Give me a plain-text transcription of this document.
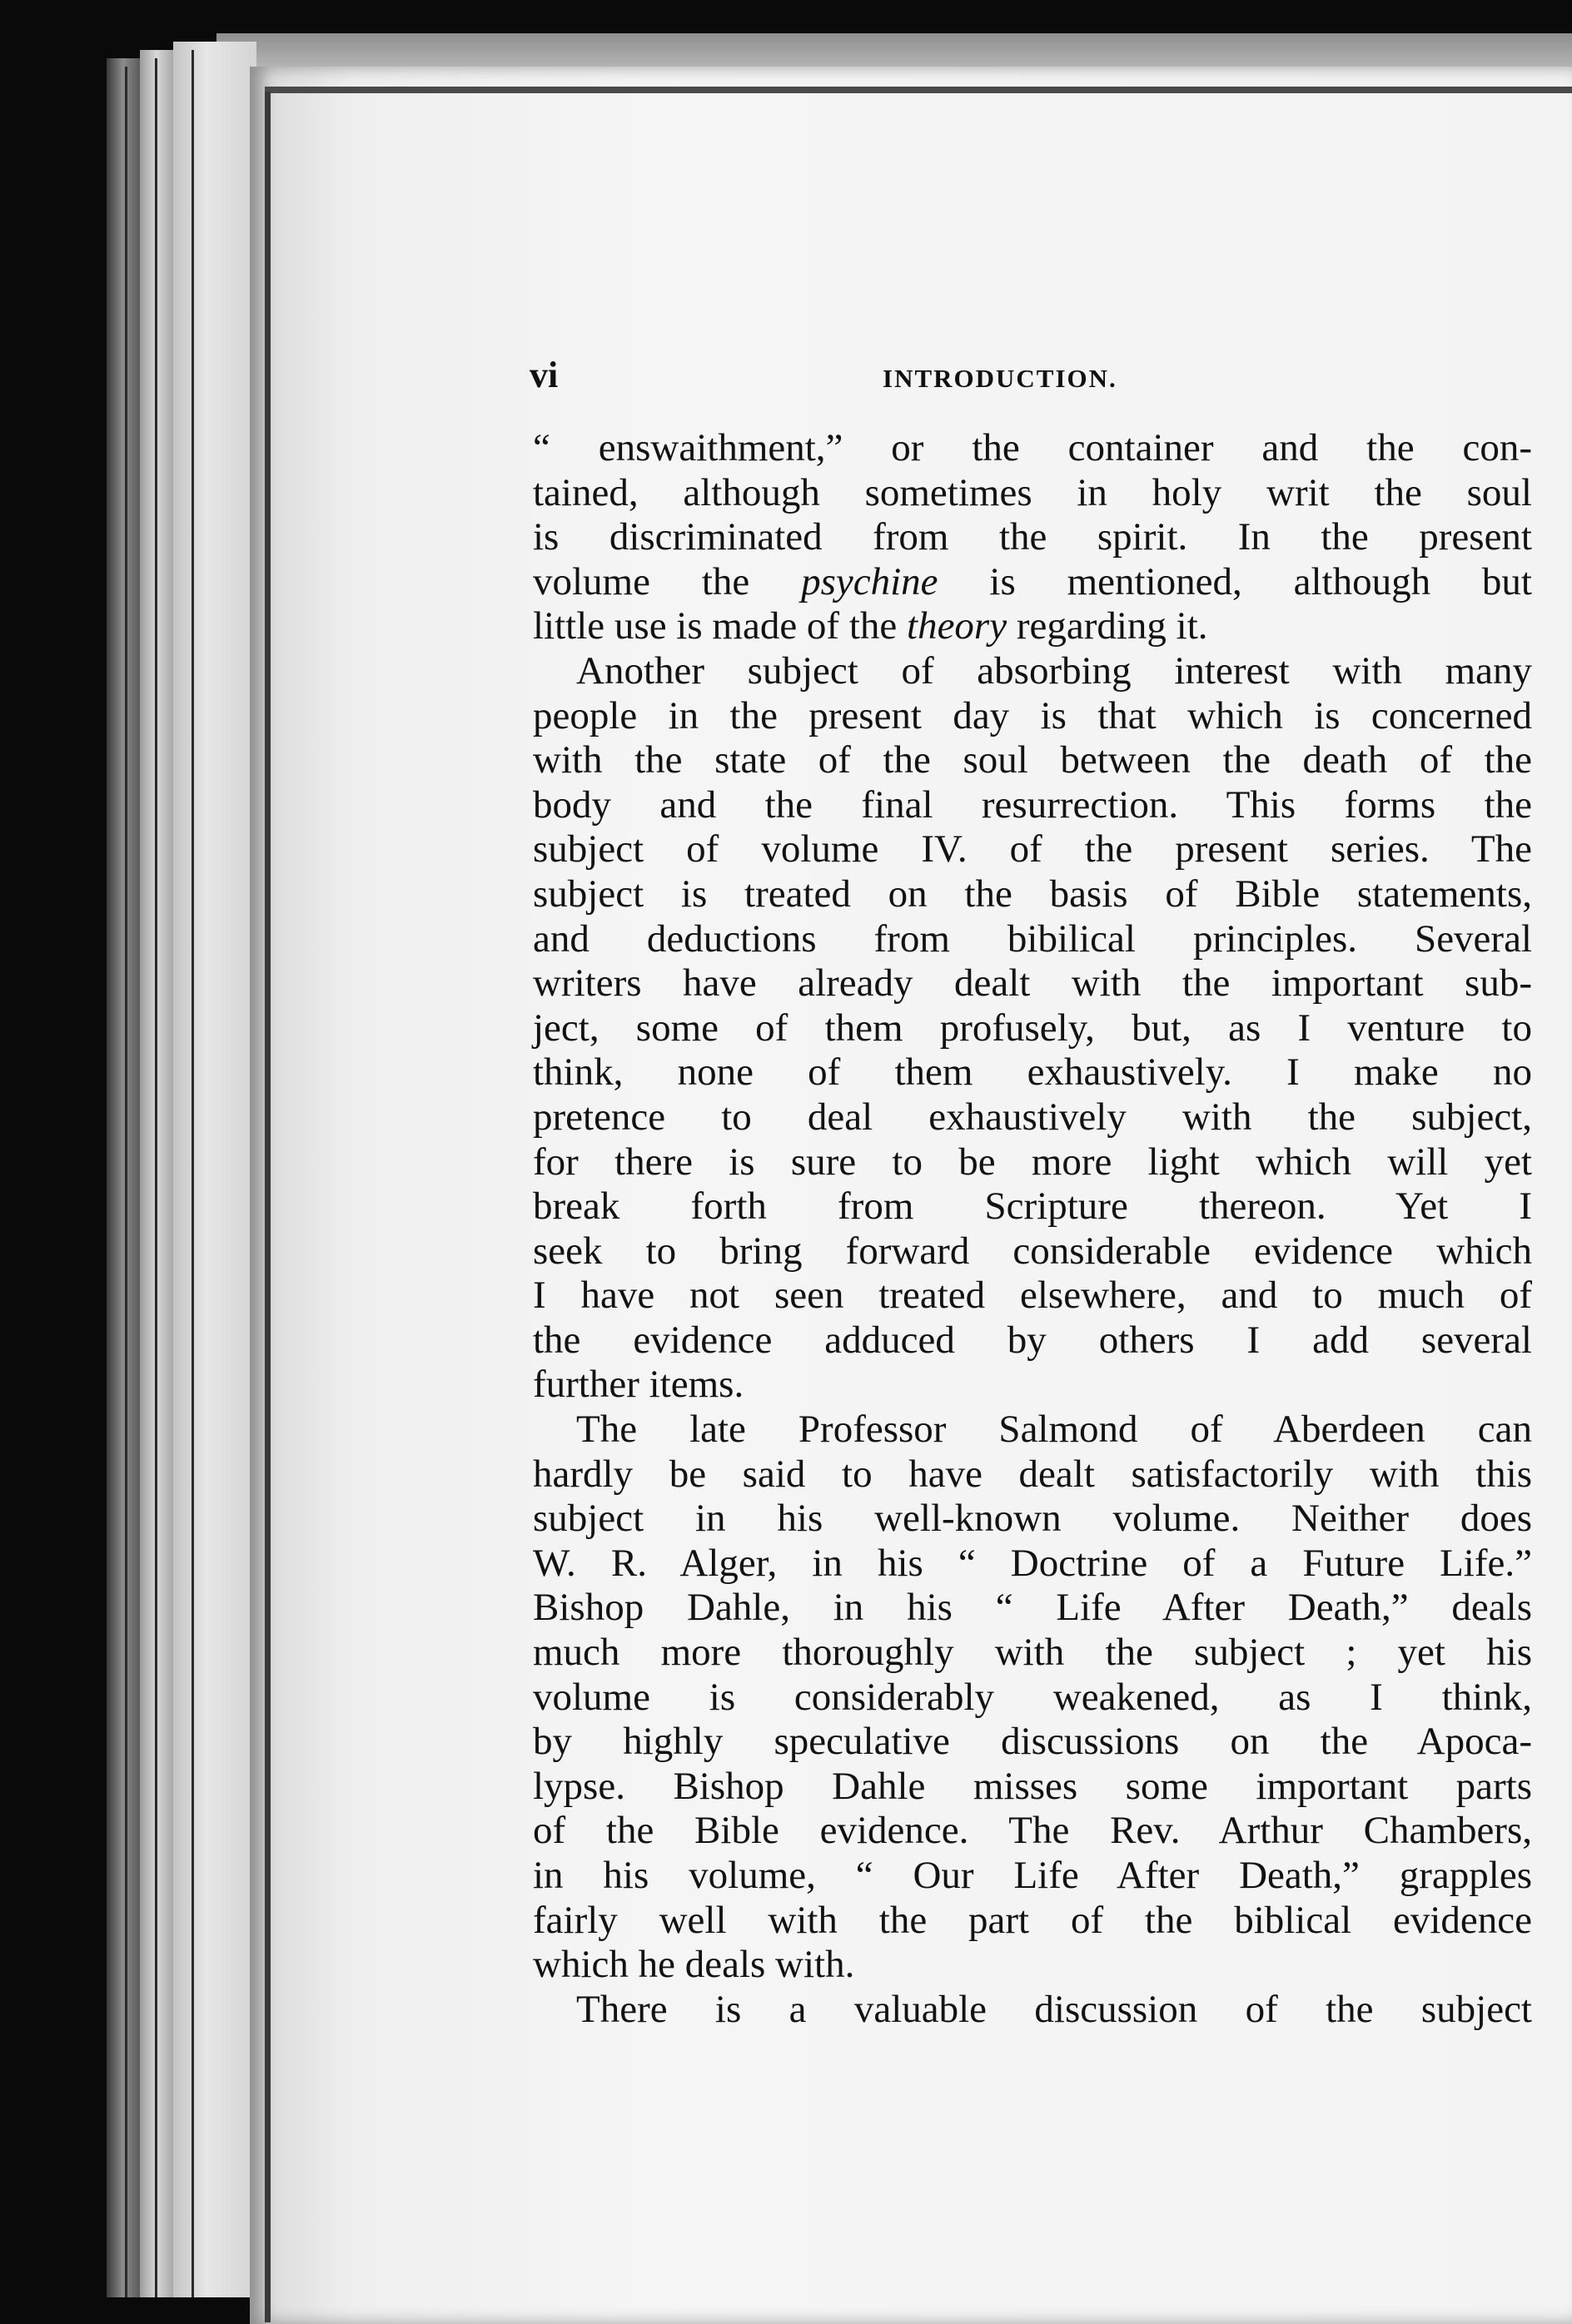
vi	INTRODUCTION.
“ enswaithment,” or the container and the con-
tained, although sometimes in holy writ the soul
is discriminated from the spirit. In the present
volume the psychine is mentioned, although but
little use is made of the theory regarding it.
Another subject of absorbing interest with many
people in the present day is that which is concerned
with the state of the soul between the death of the
body and the final resurrection. This forms the
subject of volume IV. of the present series. The
subject is treated on the basis of Bible statements,
and deductions from bibilical principles. Several
writers have already dealt with the important sub-
ject, some of them profusely, but, as I venture to
think, none of them exhaustively. I make no
pretence to deal exhaustively with the subject,
for there is sure to be more light which will yet
break forth from Scripture thereon. Yet I
seek to bring forward considerable evidence which
I have not seen treated elsewhere, and to much of
the evidence adduced by others I add several
further items.
The late Professor Salmond of Aberdeen can
hardly be said to have dealt satisfactorily with this
subject in his well-known volume. Neither does
W. R. Alger, in his “ Doctrine of a Future Life.”
Bishop Dahle, in his “ Life After Death,” deals
much more thoroughly with the subject ; yet his
volume is considerably weakened, as I think,
by highly speculative discussions on the Apoca-
lypse. Bishop Dahle misses some important parts
of the Bible evidence. The Rev. Arthur Chambers,
in his volume, “ Our Life After Death,” grapples
fairly well with the part of the biblical evidence
which he deals with.
There is a valuable discussion of the subject
